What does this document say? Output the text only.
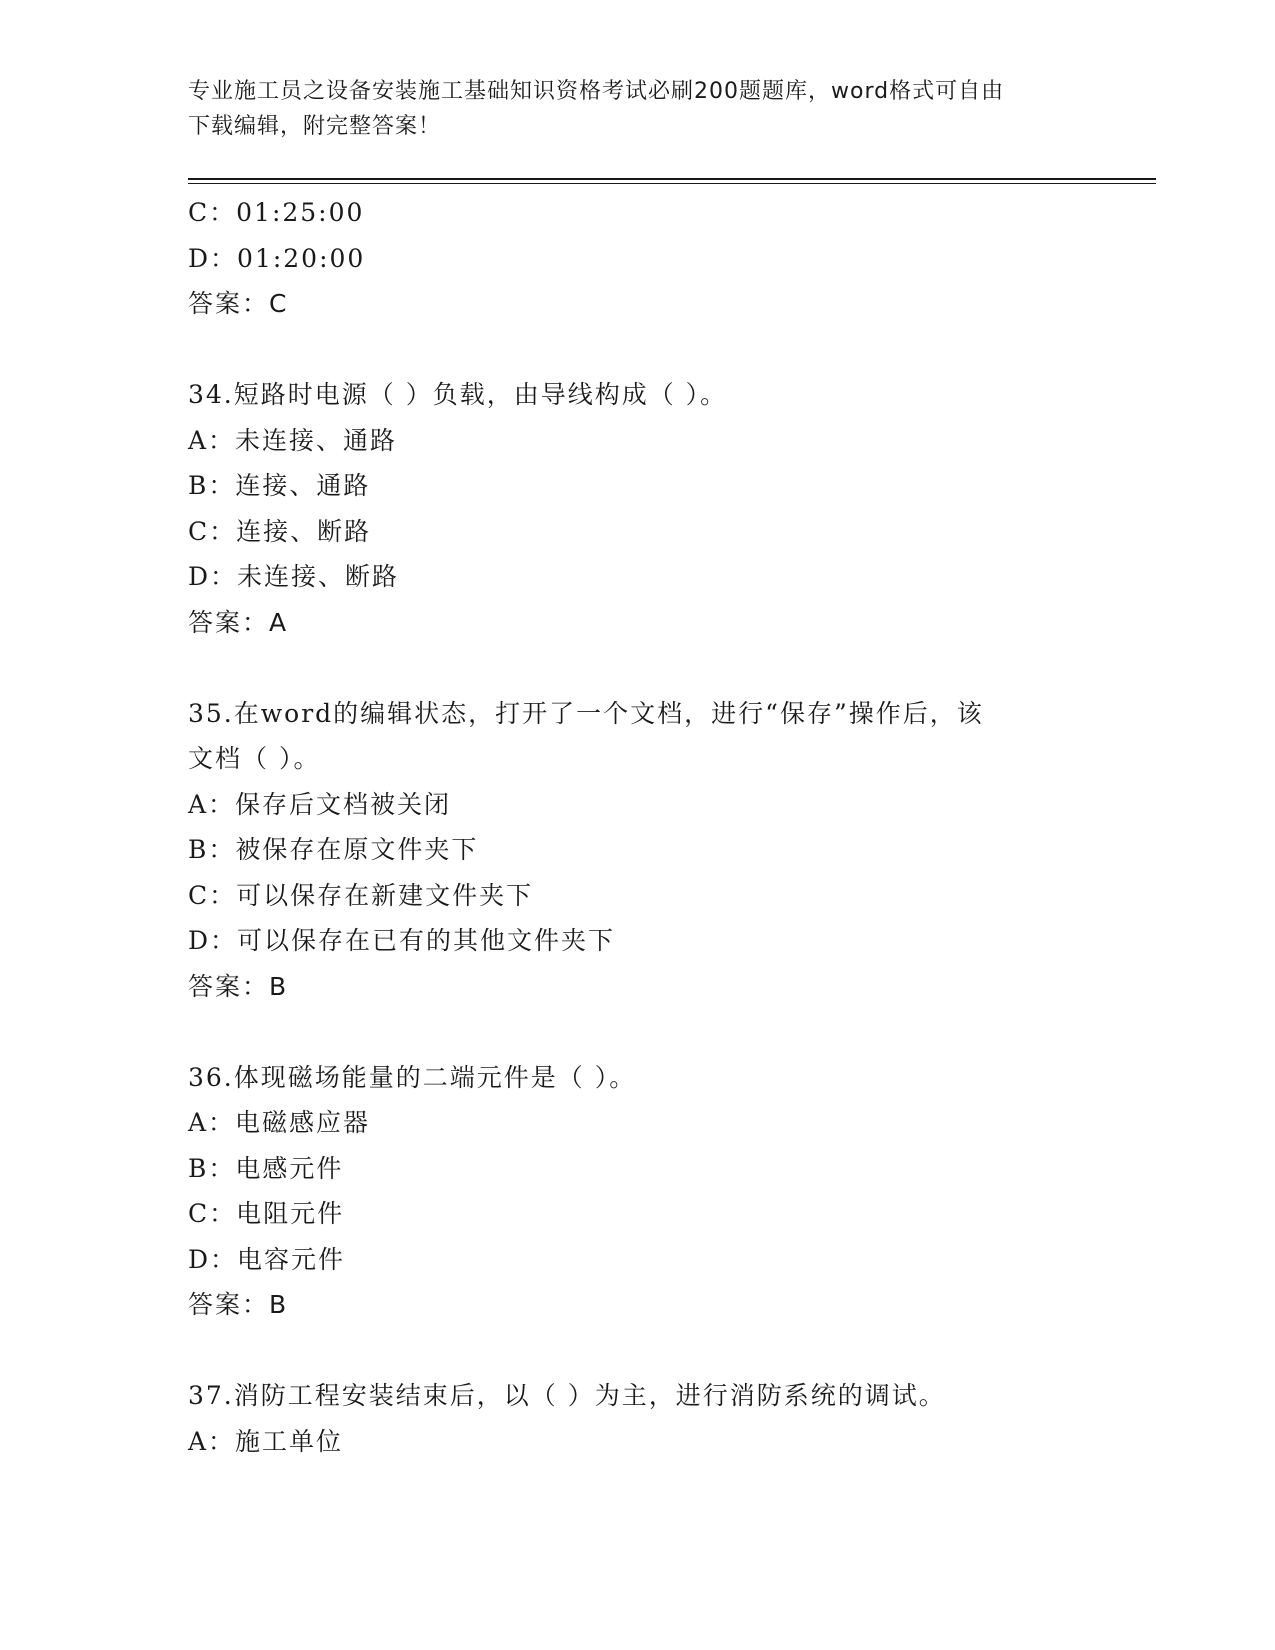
专业施工员之设备安装施工基础知识资格考试必刷200题题库，word格式可自由
下载编辑，附完整答案！
C：01:25:00
D：01:20:00
答案：C
34.短路时电源（ ）负载，由导线构成（ ）。
A：未连接、通路
B：连接、通路
C：连接、断路
D：未连接、断路
答案：A
35.在word的编辑状态，打开了一个文档，进行“保存”操作后，该
文档（ ）。
A：保存后文档被关闭
B：被保存在原文件夹下
C：可以保存在新建文件夹下
D：可以保存在已有的其他文件夹下
答案：B
36.体现磁场能量的二端元件是（ ）。
A：电磁感应器
B：电感元件
C：电阻元件
D：电容元件
答案：B
37.消防工程安装结束后，以（ ）为主，进行消防系统的调试。
A：施工单位
